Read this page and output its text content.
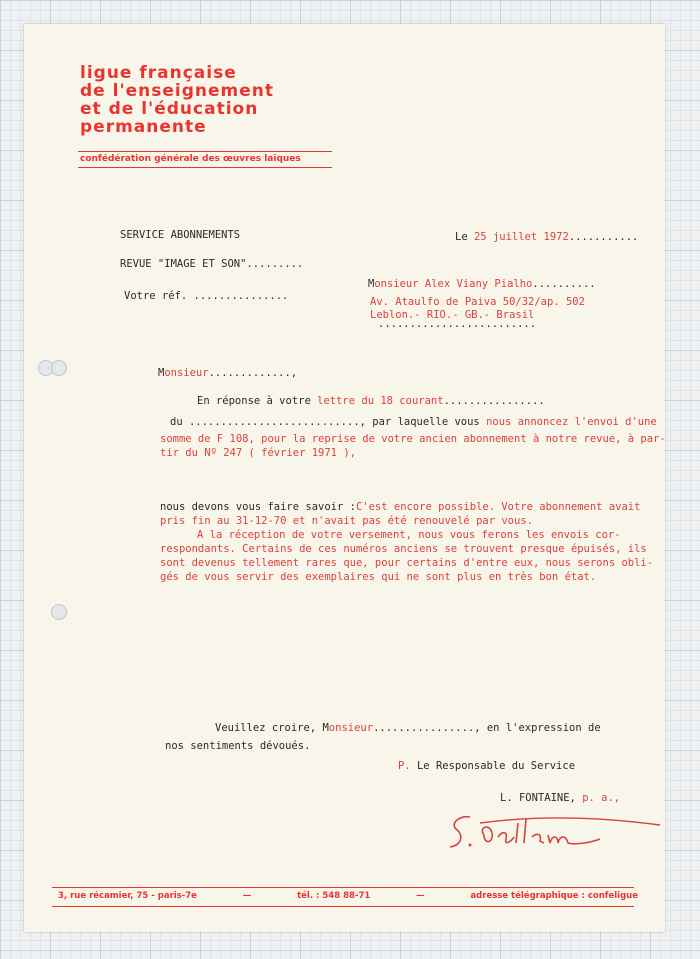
ligue française
de l'enseignement
et de l'éducation
permanente
confédération générale des œuvres laïques
SERVICE ABONNEMENTS
REVUE "IMAGE ET SON".........
Votre réf. ...............
Le 25 juillet 1972...........
Monsieur Alex Viany Pialho..........
Av. Ataulfo de Paiva 50/32/ap. 502
Leblon.- RIO.- GB.- Brasil
.........................
Monsieur.............,
En réponse à votre lettre du 18 courant................
du ..........................., par laquelle vous nous annoncez l'envoi d'une
somme de F 108, pour la reprise de votre ancien abonnement à notre revue, à par-
tir du Nº 247 ( février 1971 ),
nous devons vous faire savoir :C'est encore possible. Votre abonnement avait
pris fin au 31-12-70 et n'avait pas été renouvelé par vous.
A la réception de votre versement, nous vous ferons les envois cor-
respondants. Certains de ces numéros anciens se trouvent presque épuisés, ils
sont devenus tellement rares que, pour certains d'entre eux, nous serons obli-
gés de vous servir des exemplaires qui ne sont plus en très bon état.
Veuillez croire, Monsieur................, en l'expression de
nos sentiments dévoués.
P. Le Responsable du Service
L. FONTAINE, p. a.,
3, rue récamier, 75 - paris-7e	—	tél. : 548 88-71	—	adresse télégraphique : confeligue
